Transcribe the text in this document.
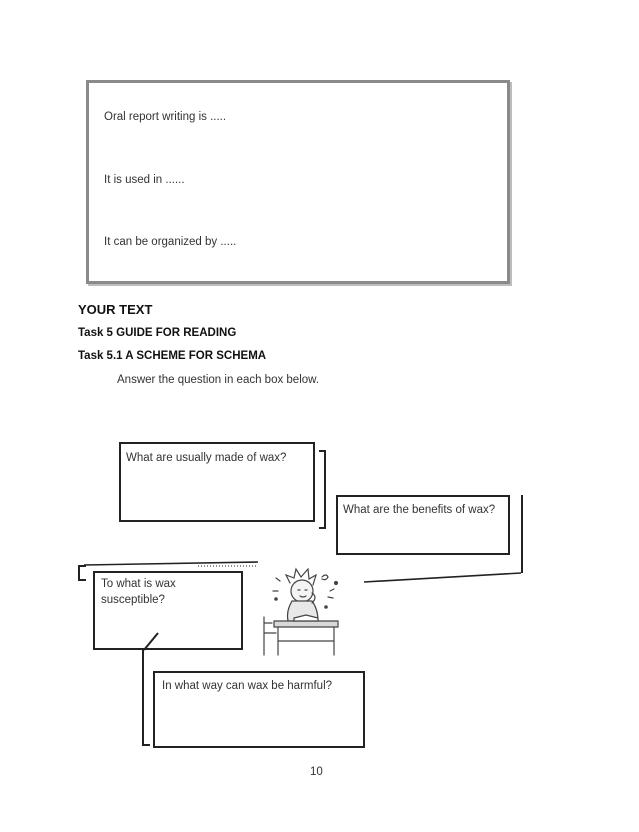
Oral report writing is .....
It is used in ......
It can be organized by .....
YOUR TEXT
Task 5 GUIDE FOR READING
Task 5.1 A SCHEME FOR SCHEMA
Answer the question in each box below.
What are usually made of wax?
What are the benefits of wax?
To what is wax susceptible?
In what way can wax be harmful?
10
